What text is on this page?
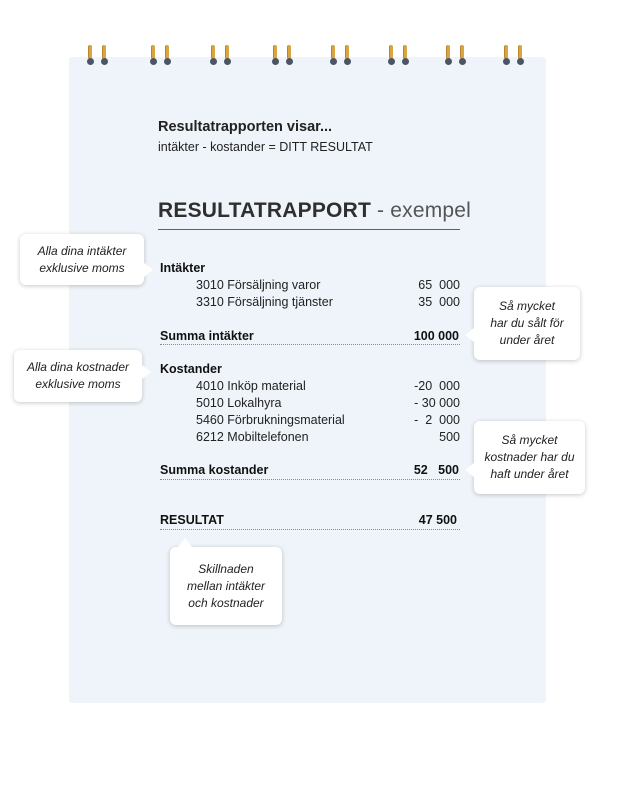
Resultatrapporten visar...
intäkter - kostander = DITT RESULTAT
RESULTATRAPPORT - exempel
Intäkter
3010 Försäljning varor	65  000
3310 Försäljning tjänster	35  000
Summa intäkter	100 000
Kostander
4010 Inköp material	-20  000
5010 Lokalhyra	- 30 000
5460 Förbrukningsmaterial	-  2  000
6212 Mobiltelefonen	500
Summa kostander	52   500
RESULTAT	47 500
Alla dina intäkter
exklusive moms
Så mycket
har du sålt för
under året
Alla dina kostnader
exklusive moms
Så mycket
kostnader har du
haft under året
Skillnaden
mellan intäkter
och kostnader
